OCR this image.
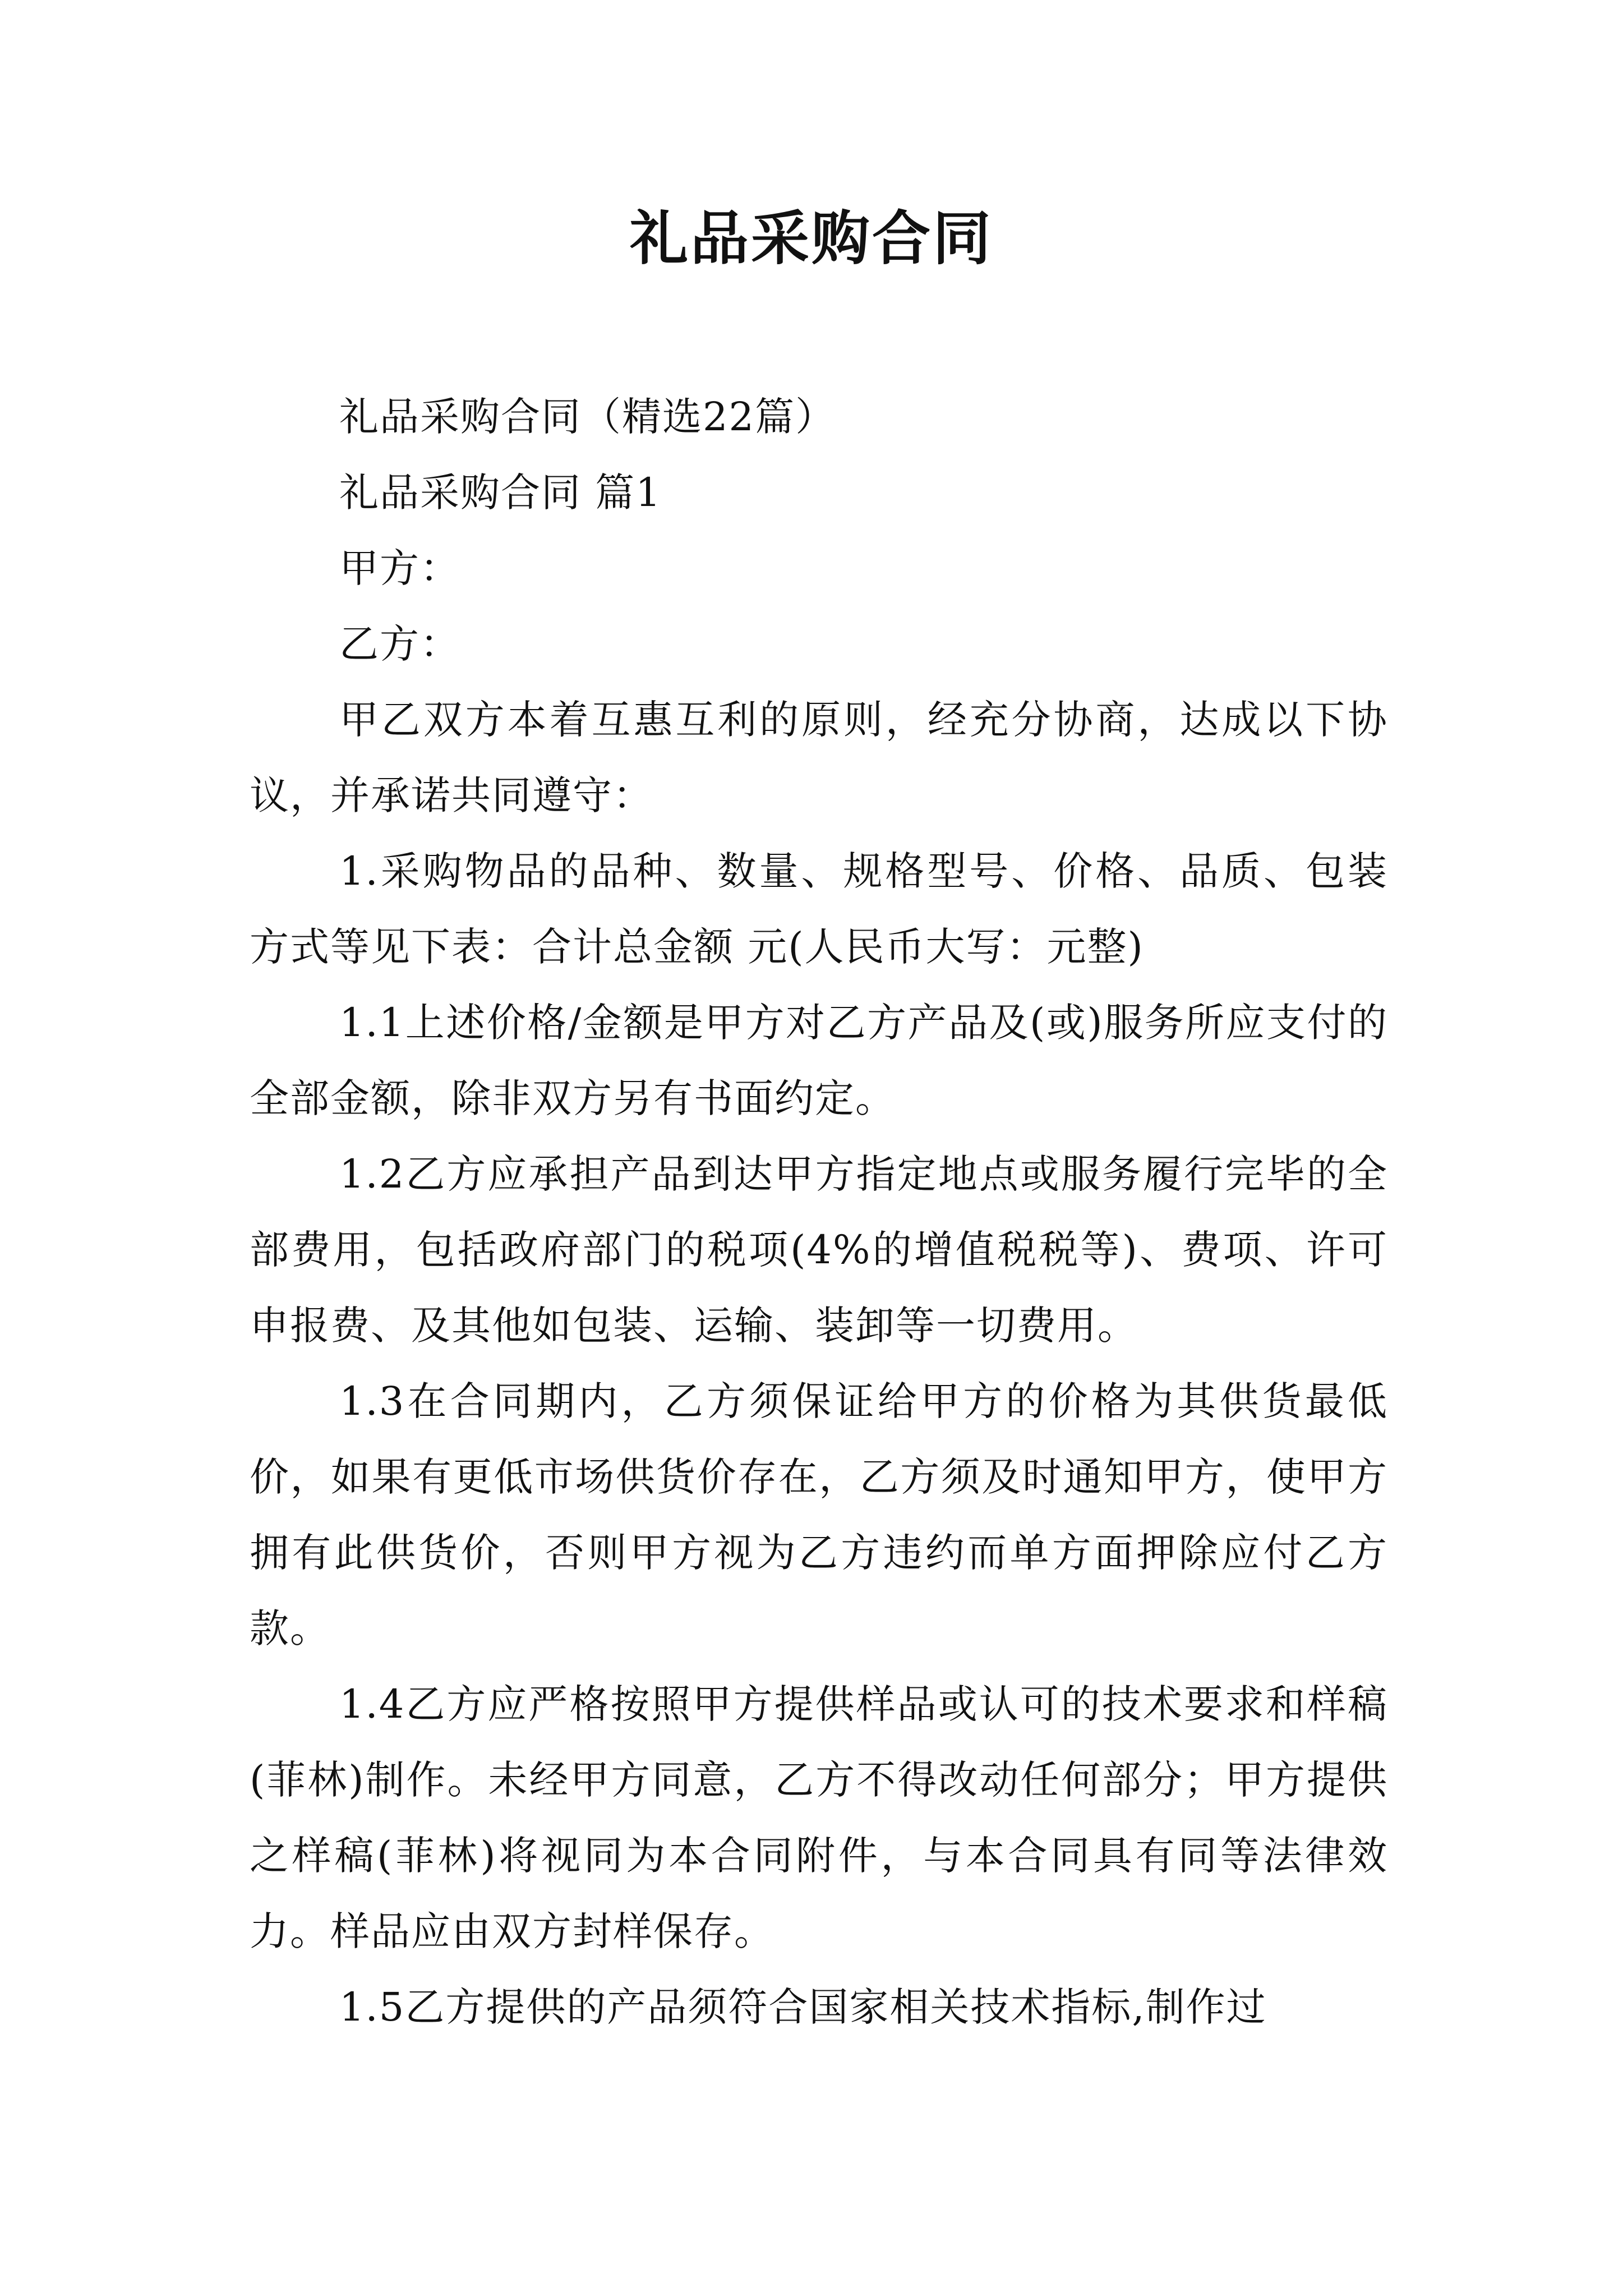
礼品采购合同

礼品采购合同（精选22篇）

礼品采购合同 篇1

甲方：

乙方：

甲乙双方本着互惠互利的原则，经充分协商，达成以下协议，并承诺共同遵守：

1.采购物品的品种、数量、规格型号、价格、品质、包装方式等见下表：合计总金额 元(人民币大写：元整)

1.1上述价格/金额是甲方对乙方产品及(或)服务所应支付的全部金额，除非双方另有书面约定。

1.2乙方应承担产品到达甲方指定地点或服务履行完毕的全部费用，包括政府部门的税项(4%的增值税税等)、费项、许可申报费、及其他如包装、运输、装卸等一切费用。

1.3在合同期内，乙方须保证给甲方的价格为其供货最低价，如果有更低市场供货价存在，乙方须及时通知甲方，使甲方拥有此供货价，否则甲方视为乙方违约而单方面押除应付乙方款。

1.4乙方应严格按照甲方提供样品或认可的技术要求和样稿(菲林)制作。未经甲方同意，乙方不得改动任何部分；甲方提供之样稿(菲林)将视同为本合同附件，与本合同具有同等法律效力。样品应由双方封样保存。

1.5乙方提供的产品须符合国家相关技术指标,制作过
